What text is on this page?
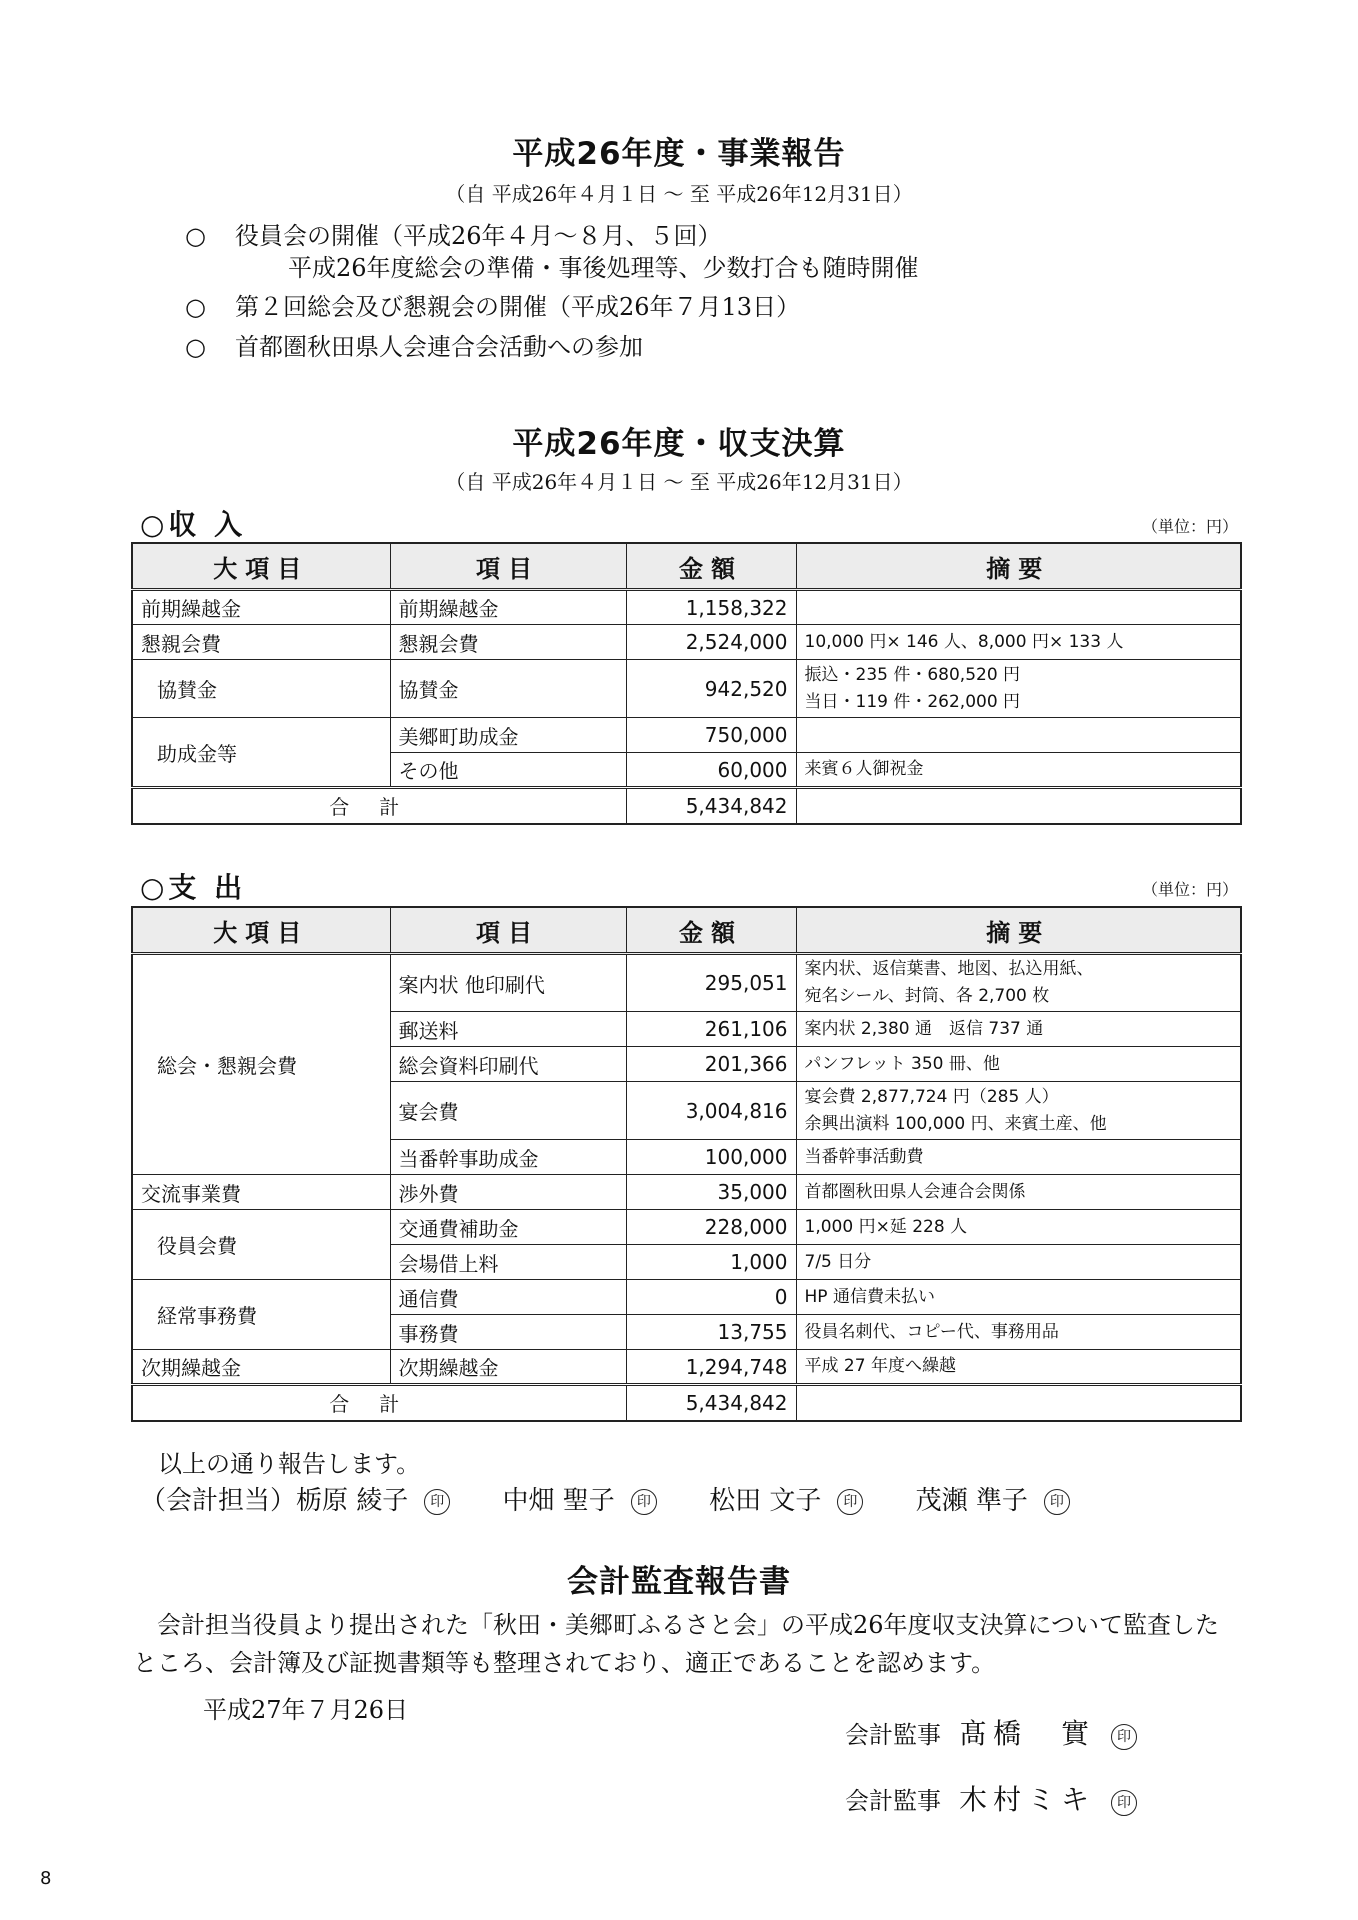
平成26年度・事業報告
（自 平成26年４月１日 ～ 至 平成26年12月31日）
○ 役員会の開催（平成26年４月～８月、５回）
平成26年度総会の準備・事後処理等、少数打合も随時開催
○ 第２回総会及び懇親会の開催（平成26年７月13日）
○ 首都圏秋田県人会連合会活動への参加
平成26年度・収支決算
（自 平成26年４月１日 ～ 至 平成26年12月31日）
○収 入	（単位：円）
大項目	項目	金額	摘要
前期繰越金	前期繰越金	1,158,322	
懇親会費	懇親会費	2,524,000	10,000 円× 146 人、8,000 円× 133 人
協賛金	協賛金	942,520	振込・235 件・680,520 円
当日・119 件・262,000 円

助成金等	美郷町助成金	750,000	
	その他	60,000	来賓６人御祝金
合計		5,434,842	
○支 出	（単位：円）
大項目	項目	金額	摘要
総会・懇親会費	案内状 他印刷代	295,051	案内状、返信葉書、地図、払込用紙、
宛名シール、封筒、各 2,700 枚

	郵送料	261,106	案内状 2,380 通　返信 737 通
	総会資料印刷代	201,366	パンフレット 350 冊、他
	宴会費	3,004,816	宴会費 2,877,724 円（285 人）
余興出演料 100,000 円、来賓土産、他

	当番幹事助成金	100,000	当番幹事活動費
交流事業費	渉外費	35,000	首都圏秋田県人会連合会関係
役員会費	交通費補助金	228,000	1,000 円×延 228 人
	会場借上料	1,000	7/5 日分
経常事務費	通信費	0	HP 通信費未払い
	事務費	13,755	役員名刺代、コピー代、事務用品
次期繰越金	次期繰越金	1,294,748	平成 27 年度へ繰越
合計		5,434,842	
以上の通り報告します。
（会計担当）栃原 綾子 印 中畑 聖子 印 松田 文子 印 茂瀬 準子 印
会計監査報告書
会計担当役員より提出された「秋田・美郷町ふるさと会」の平成26年度収支決算について監査した
ところ、会計簿及び証拠書類等も整理されており、適正であることを認めます。
平成27年７月26日
会計監事 髙橋　實 印
会計監事 木村ミキ 印
8
